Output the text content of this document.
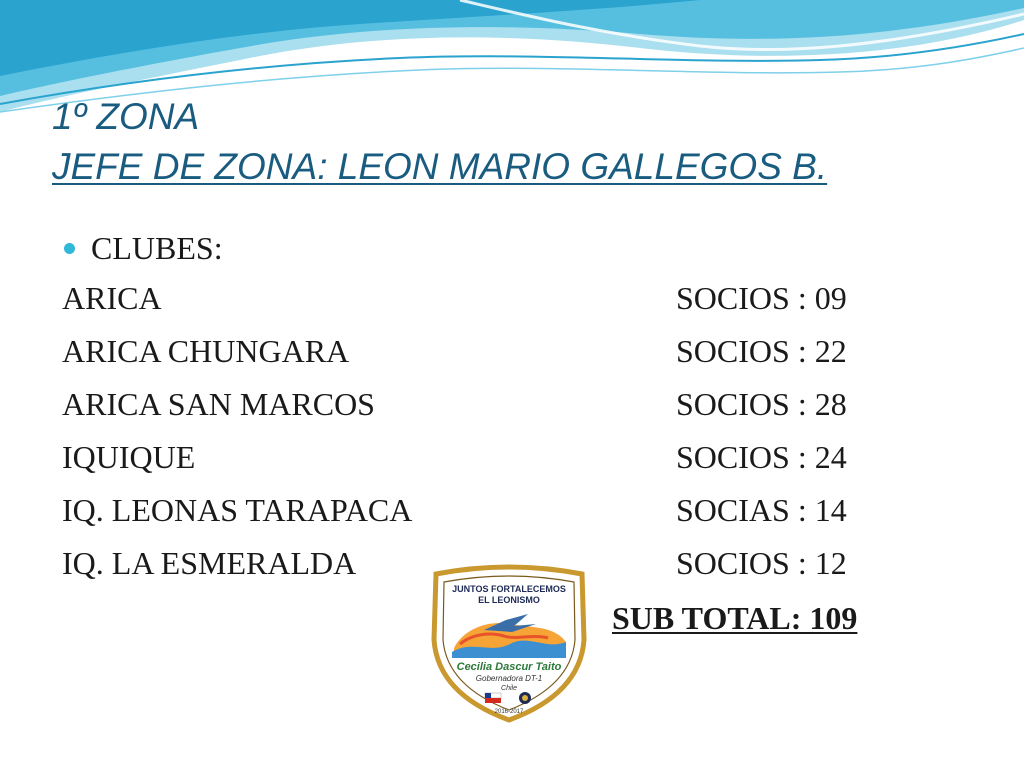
1º ZONA
JEFE DE ZONA: LEON MARIO GALLEGOS B.
CLUBES:
ARICA	SOCIOS : 09
ARICA CHUNGARA	SOCIOS : 22
ARICA SAN MARCOS	SOCIOS : 28
IQUIQUE	SOCIOS : 24
IQ. LEONAS TARAPACA	SOCIAS : 14
IQ. LA ESMERALDA	SOCIOS : 12
JUNTOS FORTALECEMOS
EL LEONISMO
Cecilia Dascur Taito
Gobernadora DT-1
Chile
2016-2017
SUB TOTAL: 109
